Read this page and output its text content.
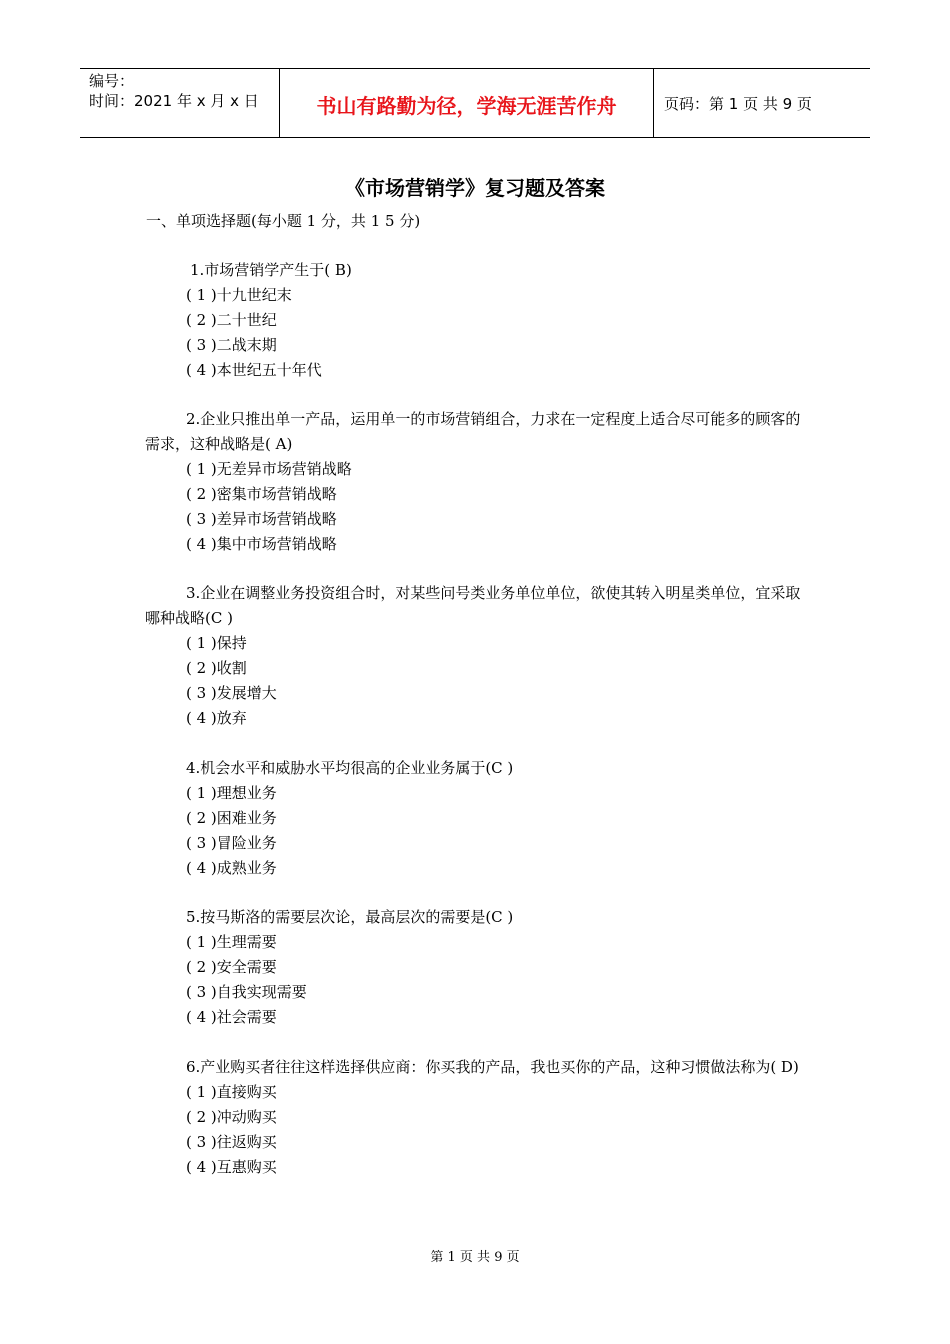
编号：
时间：2021 年 x 月 x 日	书山有路勤为径，学海无涯苦作舟	页码：第 1 页 共 9 页
《市场营销学》复习题及答案
一、单项选择题(每小题 1 分，共 1 5 分)

1.市场营销学产生于( B)

( 1 )十九世纪末

( 2 )二十世纪

( 3 )二战末期

( 4 )本世纪五十年代

2.企业只推出单一产品，运用单一的市场营销组合，力求在一定程度上适合尽可能多的顾客的需求，这种战略是( A)

( 1 )无差异市场营销战略

( 2 )密集市场营销战略

( 3 )差异市场营销战略

( 4 )集中市场营销战略

3.企业在调整业务投资组合时，对某些问号类业务单位单位，欲使其转入明星类单位，宜采取哪种战略(C )

( 1 )保持

( 2 )收割

( 3 )发展增大

( 4 )放弃

4.机会水平和威胁水平均很高的企业业务属于(C )

( 1 )理想业务

( 2 )困难业务

( 3 )冒险业务

( 4 )成熟业务

5.按马斯洛的需要层次论，最高层次的需要是(C )

( 1 )生理需要

( 2 )安全需要

( 3 )自我实现需要

( 4 )社会需要

6.产业购买者往往这样选择供应商：你买我的产品，我也买你的产品，这种习惯做法称为( D)

( 1 )直接购买

( 2 )冲动购买

( 3 )往返购买

( 4 )互惠购买

第 1 页 共 9 页
